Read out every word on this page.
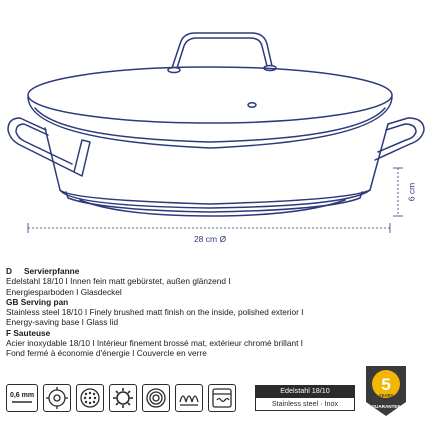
6 cm
28 cm Ø
D Servierpfanne
Edelstahl 18/10 I Innen fein matt gebürstet, außen glänzend I
Energiesparboden I Glasdeckel
GB Serving pan
Stainless steel 18/10 I Finely brushed matt finish on the inside, polished exterior I
Energy-saving base I Glass lid
F Sauteuse
Acier inoxydable 18/10 I Intérieur finement brossé mat, extérieur chromé brillant I
Fond fermé à économie d'énergie I Couvercle en verre
0,6 mm	Edelstahl 18/10
Stainless steel · Inox
5
YEARS
GUARANTEE
